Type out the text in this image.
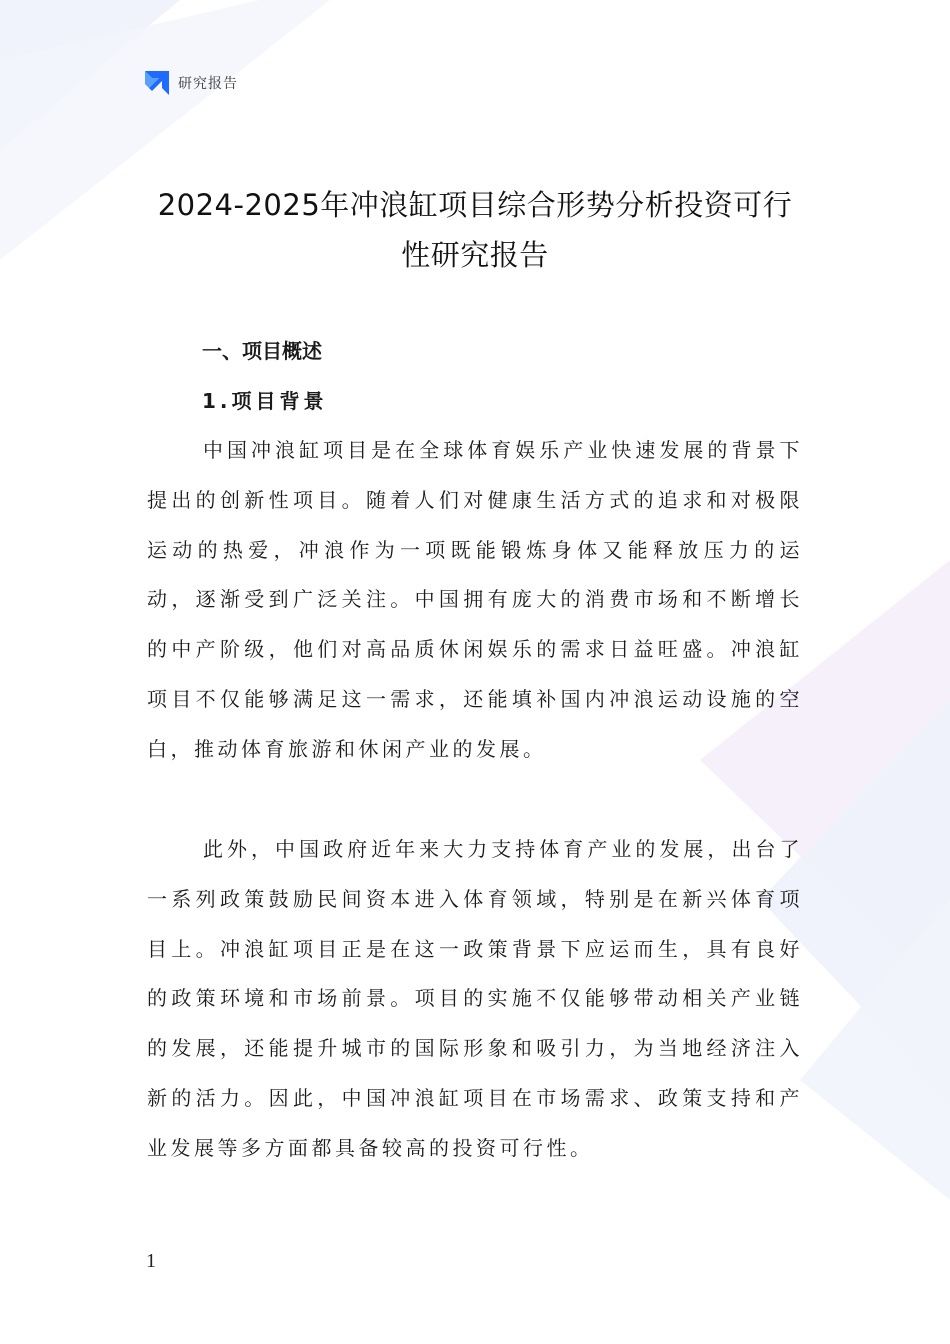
研究报告
2024-2025年冲浪缸项目综合形势分析投资可行性研究报告
一、项目概述
1.项目背景

中国冲浪缸项目是在全球体育娱乐产业快速发展的背景下提出的创新性项目。随着人们对健康生活方式的追求和对极限运动的热爱，冲浪作为一项既能锻炼身体又能释放压力的运动，逐渐受到广泛关注。中国拥有庞大的消费市场和不断增长的中产阶级，他们对高品质休闲娱乐的需求日益旺盛。冲浪缸项目不仅能够满足这一需求，还能填补国内冲浪运动设施的空白，推动体育旅游和休闲产业的发展。

此外，中国政府近年来大力支持体育产业的发展，出台了一系列政策鼓励民间资本进入体育领域，特别是在新兴体育项目上。冲浪缸项目正是在这一政策背景下应运而生，具有良好的政策环境和市场前景。项目的实施不仅能够带动相关产业链的发展，还能提升城市的国际形象和吸引力，为当地经济注入新的活力。因此，中国冲浪缸项目在市场需求、政策支持和产业发展等多方面都具备较高的投资可行性。

1
